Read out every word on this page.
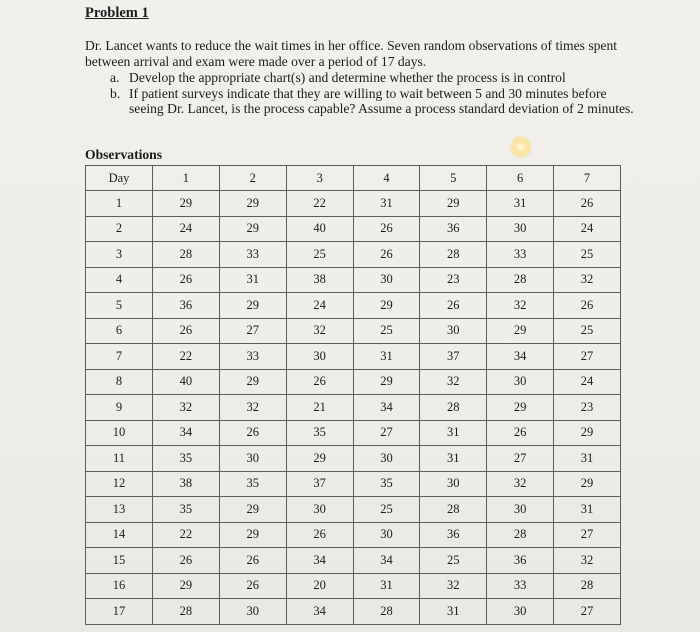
Problem 1
Dr. Lancet wants to reduce the wait times in her office. Seven random observations of times spent between arrival and exam were made over a period of 17 days.
a. Develop the appropriate chart(s) and determine whether the process is in control
b. If patient surveys indicate that they are willing to wait between 5 and 30 minutes before seeing Dr. Lancet, is the process capable? Assume a process standard deviation of 2 minutes.
Observations
Day	1	2	3	4	5	6	7
1	29	29	22	31	29	31	26
2	24	29	40	26	36	30	24
3	28	33	25	26	28	33	25
4	26	31	38	30	23	28	32
5	36	29	24	29	26	32	26
6	26	27	32	25	30	29	25
7	22	33	30	31	37	34	27
8	40	29	26	29	32	30	24
9	32	32	21	34	28	29	23
10	34	26	35	27	31	26	29
11	35	30	29	30	31	27	31
12	38	35	37	35	30	32	29
13	35	29	30	25	28	30	31
14	22	29	26	30	36	28	27
15	26	26	34	34	25	36	32
16	29	26	20	31	32	33	28
17	28	30	34	28	31	30	27
